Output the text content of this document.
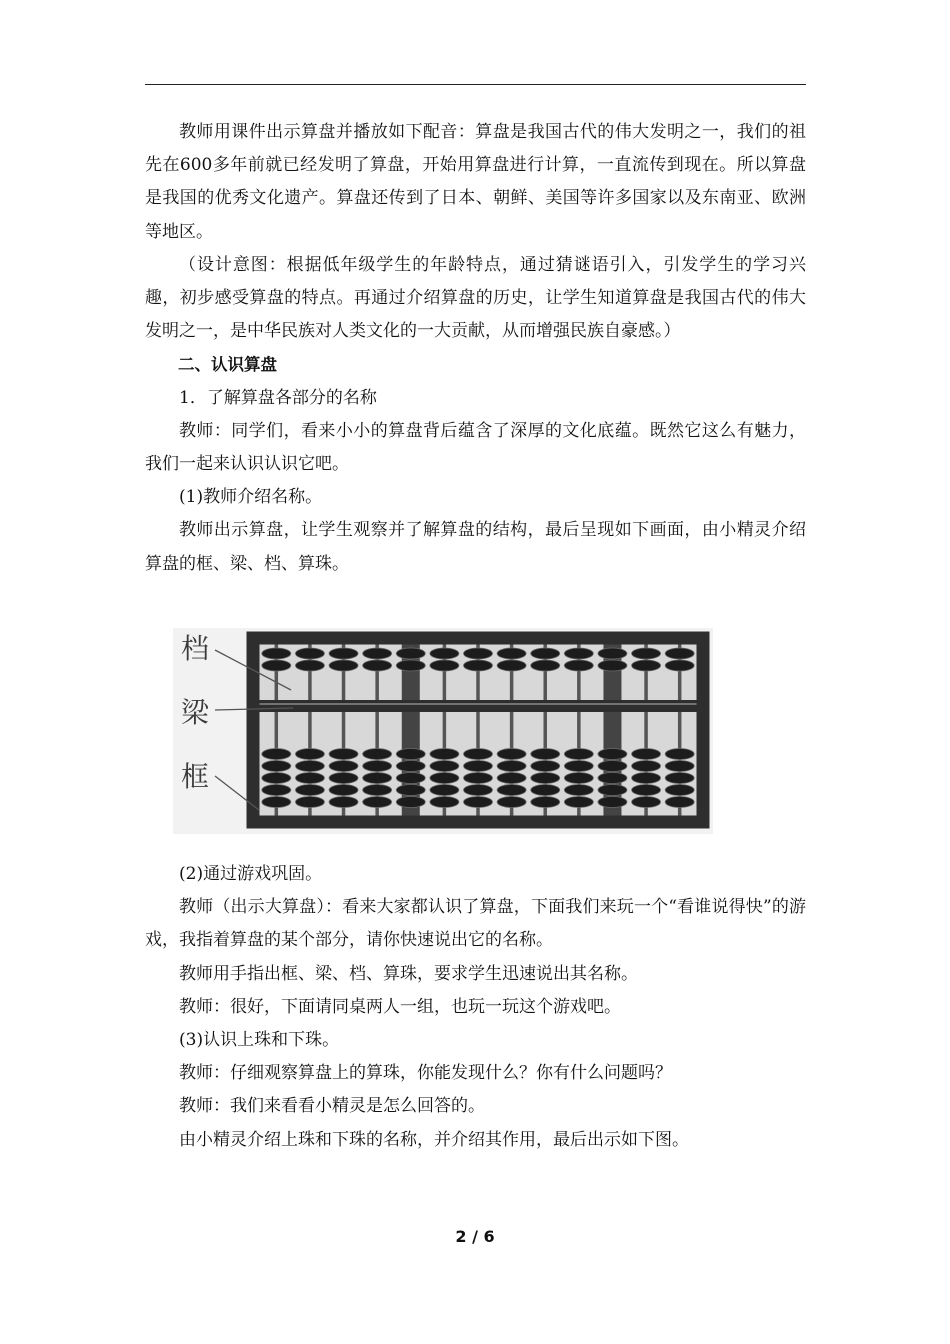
教师用课件出示算盘并播放如下配音：算盘是我国古代的伟大发明之一，我们的祖先在600多年前就已经发明了算盘，开始用算盘进行计算，一直流传到现在。所以算盘是我国的优秀文化遗产。算盘还传到了日本、朝鲜、美国等许多国家以及东南亚、欧洲等地区。

（设计意图：根据低年级学生的年龄特点，通过猜谜语引入，引发学生的学习兴趣，初步感受算盘的特点。再通过介绍算盘的历史，让学生知道算盘是我国古代的伟大发明之一，是中华民族对人类文化的一大贡献，从而增强民族自豪感。）

二、认识算盘

1．了解算盘各部分的名称

教师：同学们，看来小小的算盘背后蕴含了深厚的文化底蕴。既然它这么有魅力，我们一起来认识认识它吧。

(1)教师介绍名称。

教师出示算盘，让学生观察并了解算盘的结构，最后呈现如下画面，由小精灵介绍算盘的框、梁、档、算珠。

档
梁
框

(2)通过游戏巩固。

教师（出示大算盘）：看来大家都认识了算盘，下面我们来玩一个“看谁说得快”的游戏，我指着算盘的某个部分，请你快速说出它的名称。

教师用手指出框、梁、档、算珠，要求学生迅速说出其名称。

教师：很好，下面请同桌两人一组，也玩一玩这个游戏吧。

(3)认识上珠和下珠。

教师：仔细观察算盘上的算珠，你能发现什么？你有什么问题吗？

教师：我们来看看小精灵是怎么回答的。

由小精灵介绍上珠和下珠的名称，并介绍其作用，最后出示如下图。

2 / 6
